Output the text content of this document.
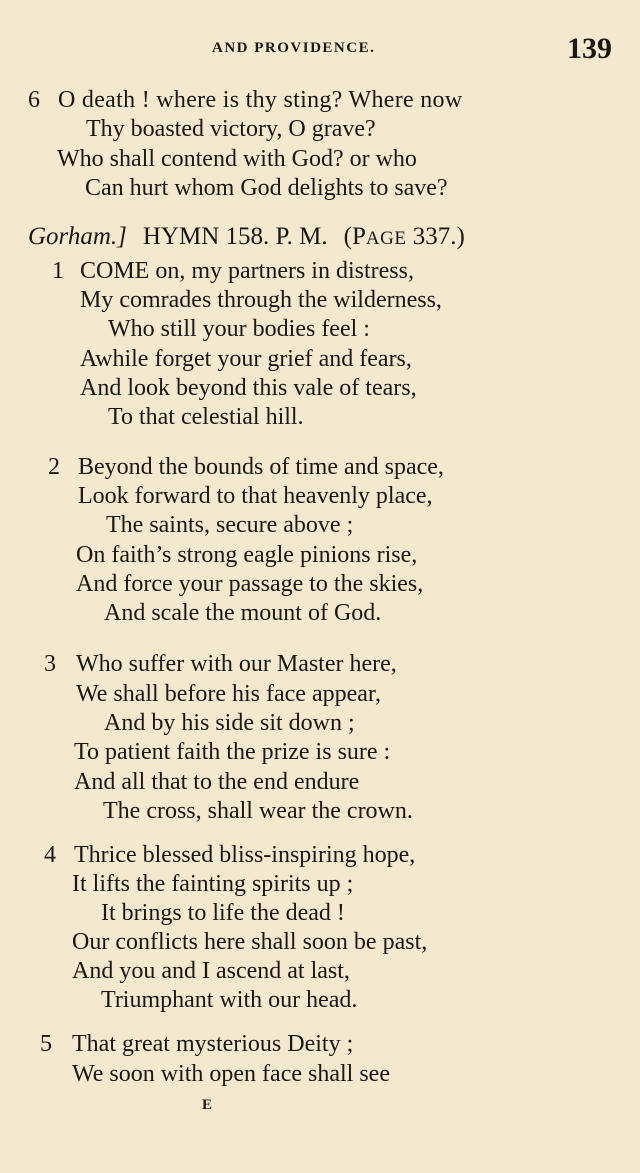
AND PROVIDENCE.	139
6 O death ! where is thy sting? Where now
Thy boasted victory, O grave?
Who shall contend with God? or who
Can hurt whom God delights to save?
Gorham.] HYMN 158. P. M. (PAGE 337.)
1 COME on, my partners in distress,
My comrades through the wilderness,
Who still your bodies feel :
Awhile forget your grief and fears,
And look beyond this vale of tears,
To that celestial hill.
2 Beyond the bounds of time and space,
Look forward to that heavenly place,
The saints, secure above ;
On faith’s strong eagle pinions rise,
And force your passage to the skies,
And scale the mount of God.
3 Who suffer with our Master here,
We shall before his face appear,
And by his side sit down ;
To patient faith the prize is sure :
And all that to the end endure
The cross, shall wear the crown.
4 Thrice blessed bliss-inspiring hope,
It lifts the fainting spirits up ;
It brings to life the dead !
Our conflicts here shall soon be past,
And you and I ascend at last,
Triumphant with our head.
5 That great mysterious Deity ;
We soon with open face shall see
E
